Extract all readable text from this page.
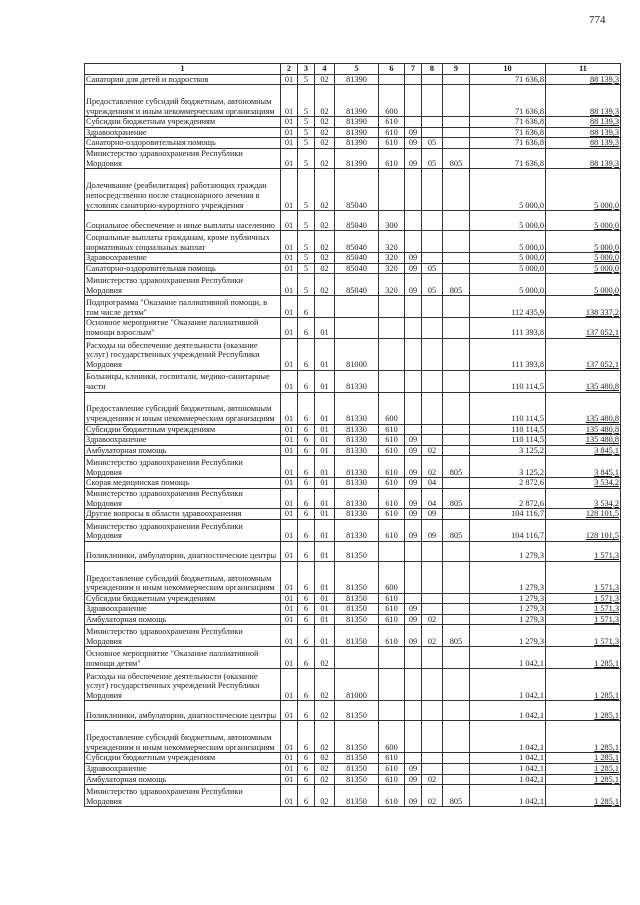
774
1	2	3	4	5	6	7	8	9	10	11
Санатории для детей и подростков	01	5	02	81390					71 636,8	88 139,3
Предоставление субсидий бюджетным, автономным учреждениям и иным некоммерческим организациям	01	5	02	81390	600				71 636,8	88 139,3
Субсидии бюджетным учреждениям	01	5	02	81390	610				71 636,8	88 139,3
Здравоохранение	01	5	02	81390	610	09			71 636,8	88 139,3
Санаторно-оздоровительная помощь	01	5	02	81390	610	09	05		71 636,8	88 139,3
Министерство здравоохранения Республики Мордовия	01	5	02	81390	610	09	05	805	71 636,8	88 139,3
Долечивание (реабилитация) работающих граждан непосредственно после стационарного лечения в условиях санаторно-курортного учреждения	01	5	02	85040					5 000,0	5 000,0
Социальное обеспечение и иные выплаты населению	01	5	02	85040	300				5 000,0	5 000,0
Социальные выплаты гражданам, кроме публичных нормативных социальных выплат	01	5	02	85040	320				5 000,0	5 000,0
Здравоохранение	01	5	02	85040	320	09			5 000,0	5 000,0
Санаторно-оздоровительная помощь	01	5	02	85040	320	09	05		5 000,0	5 000,0
Министерство здравоохранения Республики Мордовия	01	5	02	85040	320	09	05	805	5 000,0	5 000,0
Подпрограмма "Оказание паллиативной помощи, в том числе детям"	01	6							112 435,9	138 337,2
Основное мероприятие "Оказание паллиативной помощи взрослым"	01	6	01						111 393,8	137 052,1
Расходы на обеспечение деятельности (оказание услуг) государственных учреждений Республики Мордовия	01	6	01	81000					111 393,8	137 052,1
Больницы, клиники, госпитали, медико-санитарные части	01	6	01	81330					110 114,5	135 480,8
Предоставление субсидий бюджетным, автономным учреждениям и иным некоммерческим организациям	01	6	01	81330	600				110 114,5	135 480,8
Субсидии бюджетным учреждениям	01	6	01	81330	610				110 114,5	135 480,8
Здравоохранение	01	6	01	81330	610	09			110 114,5	135 480,8
Амбулаторная помощь	01	6	01	81330	610	09	02		3 125,2	3 845,1
Министерство здравоохранения Республики Мордовия	01	6	01	81330	610	09	02	805	3 125,2	3 845,1
Скорая медицинская помощь	01	6	01	81330	610	09	04		2 872,6	3 534,2
Министерство здравоохранения Республики Мордовия	01	6	01	81330	610	09	04	805	2 872,6	3 534,2
Другие вопросы в области здравоохранения	01	6	01	81330	610	09	09		104 116,7	128 101,5
Министерство здравоохранения Республики Мордовия	01	6	01	81330	610	09	09	805	104 116,7	128 101,5
Поликлиники, амбулатории, диагностические центры	01	6	01	81350					1 279,3	1 571,3
Предоставление субсидий бюджетным, автономным учреждениям и иным некоммерческим организациям	01	6	01	81350	600				1 279,3	1 571,3
Субсидии бюджетным учреждениям	01	6	01	81350	610				1 279,3	1 571,3
Здравоохранение	01	6	01	81350	610	09			1 279,3	1 571,3
Амбулаторная помощь	01	6	01	81350	610	09	02		1 279,3	1 571,3
Министерство здравоохранения Республики Мордовия	01	6	01	81350	610	09	02	805	1 279,3	1 571,3
Основное мероприятие "Оказание паллиативной помощи детям"	01	6	02						1 042,1	1 285,1
Расходы на обеспечение деятельности (оказание услуг) государственных учреждений Республики Мордовия	01	6	02	81000					1 042,1	1 285,1
Поликлиники, амбулатории, диагностические центры	01	6	02	81350					1 042,1	1 285,1
Предоставление субсидий бюджетным, автономным учреждениям и иным некоммерческим организациям	01	6	02	81350	600				1 042,1	1 285,1
Субсидии бюджетным учреждениям	01	6	02	81350	610				1 042,1	1 285,1
Здравоохранение	01	6	02	81350	610	09			1 042,1	1 285,1
Амбулаторная помощь	01	6	02	81350	610	09	02		1 042,1	1 285,1
Министерство здравоохранения Республики Мордовия	01	6	02	81350	610	09	02	805	1 042,1	1 285,1
